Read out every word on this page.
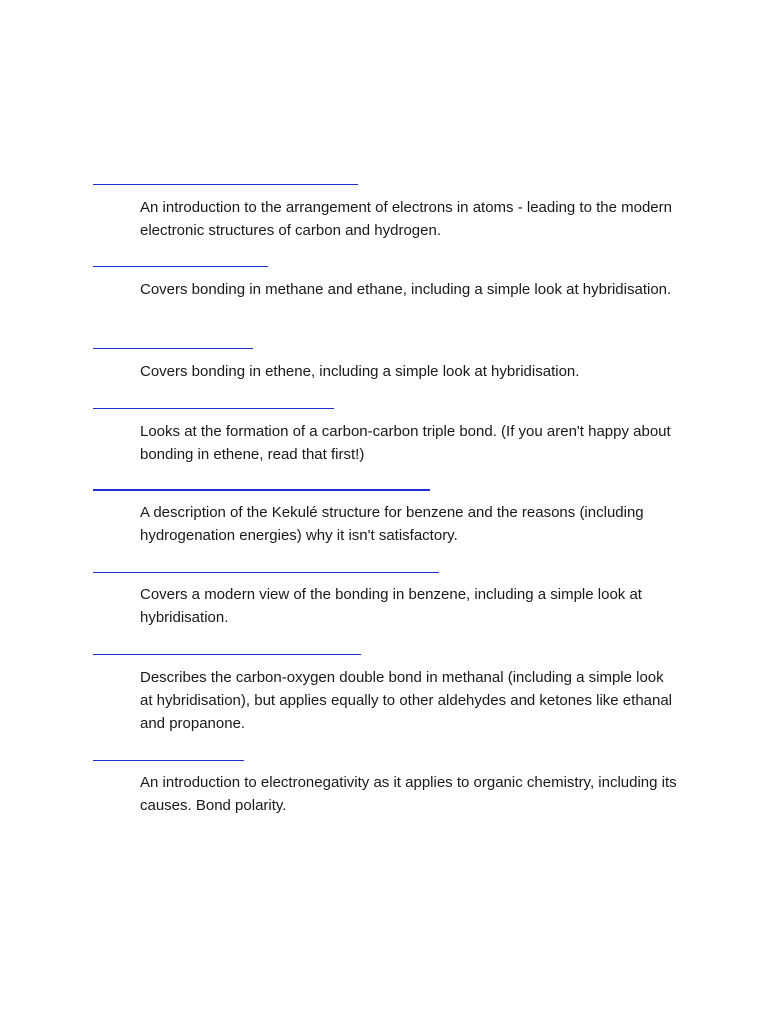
An introduction to the arrangement of electrons in atoms - leading to the modern electronic structures of carbon and hydrogen.

Covers bonding in methane and ethane, including a simple look at hybridisation.

Covers bonding in ethene, including a simple look at hybridisation.

Looks at the formation of a carbon-carbon triple bond. (If you aren't happy about bonding in ethene, read that first!)

A description of the Kekulé structure for benzene and the reasons (including hydrogenation energies) why it isn't satisfactory.

Covers a modern view of the bonding in benzene, including a simple look at hybridisation.

Describes the carbon-oxygen double bond in methanal (including a simple look at hybridisation), but applies equally to other aldehydes and ketones like ethanal and propanone.

An introduction to electronegativity as it applies to organic chemistry, including its causes. Bond polarity.
